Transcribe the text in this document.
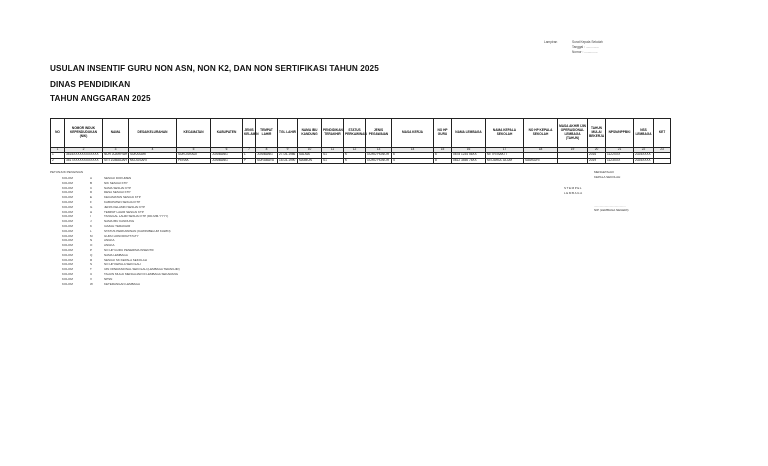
Lampiran	Surat Kepala Sekolah
Tanggal : ...............
Nomor : ...............
USULAN INSENTIF GURU NON ASN, NON K2, DAN NON SERTIFIKASI TAHUN 2025
DINAS PENDIDIKAN
TAHUN ANGGARAN 2025
NO	NOMOR INDUK KEPENDUDUKAN (NIK)	NAMA	DESA/KELURAHAN	KECAMATAN	KABUPATEN	JENIS KELAMIN	TEMPAT LAHIR	TGL LAHIR	NAMA IBU KANDUNG	PENDIDIKAN TERAKHIR	STATUS PERKAWINAN	JENIS PEGAWAIAN	MASA KERJA	NO HP GURU	NAMA LEMBAGA	NAMA KEPALA SEKOLAH	NO HP KEPALA SEKOLAH	MASA AKHIR IJIN OPERASIONAL LEMBAGA (TAHUN)	TAHUN MULAI BEKERJA	NPSN/NPPBKI	NSS LEMBAGA	KET
1	2	3	4	5	6	7	8	9	10	11	12	13	14	15	16	17	18	19	20	21	22	23
1	3515XXXXXXXXXXXX	NUR JUARIYAH	SUKASARI	SUKOSRADI	JOMBANG	L	JOMBANG	27-04-1986	SALMA	S1	K	GURU HONOR	6	6	0878 1234 56XX	MI TRI BAKTI			2016	1122XXX	2025XXXX	
2	3517XXXXXXXXXXXX	SITI ZUBAIDAH	MOJOSARI	PERAK	JOMBANG	P	SURABAYA	15-03-1990	MAIMUN	S1	K	GURU HONOR	4	8	0812 3456 78XX	MI DARUL ULUM	SAMSURI		2019	1123XXX	2025XXXX	
PETUNJUK PENGISIAN
KOLOM	A	SESUAI DOKUMEN
KOLOM	B	NIK SESUAI KTP
KOLOM	C	NAMA SESUAI KTP
KOLOM	D	DESA SESUAI KTP
KOLOM	E	KECAMATAN SESUAI KTP
KOLOM	F	KABUPATEN SESUAI KTP
KOLOM	G	JENIS KELAMIN SESUAI KTP
KOLOM	H	TEMPAT LAHIR SESUAI KTP
KOLOM	I	TANGGAL LAHIR SESUAI KTP (DD-MM-YYYY)
KOLOM	J	NAMA IBU KANDUNG
KOLOM	K	IJAZAH TERAKHIR
KOLOM	L	STATUS PERKAWINAN (KAWIN/BELUM KAWIN)
KOLOM	M	GURU HONOR/GTT/GTY
KOLOM	N	ANGKA
KOLOM	O	ANGKA
KOLOM	P	NO HP GURU PENERIMA INSENTIF
KOLOM	Q	NAMA LEMBAGA
KOLOM	R	SESUAI SK KEPALA SEKOLAH
KOLOM	S	NO HP KEPALA SEKOLAH
KOLOM	T	IJIN OPERASIONAL SEKOLAH (LEMBAGA TERAKHIR)
KOLOM	U	TAHUN MULAI MENGAJAR DI LEMBAGA SEKARANG
KOLOM	V	NPSN
KOLOM	W	KETERANGAN LEMBAGA
MENGETAHUI
KEPALA SEKOLAH
......................................
NIP (LEMBAGA NEGERI)
STEMPEL
LEMBAGA
